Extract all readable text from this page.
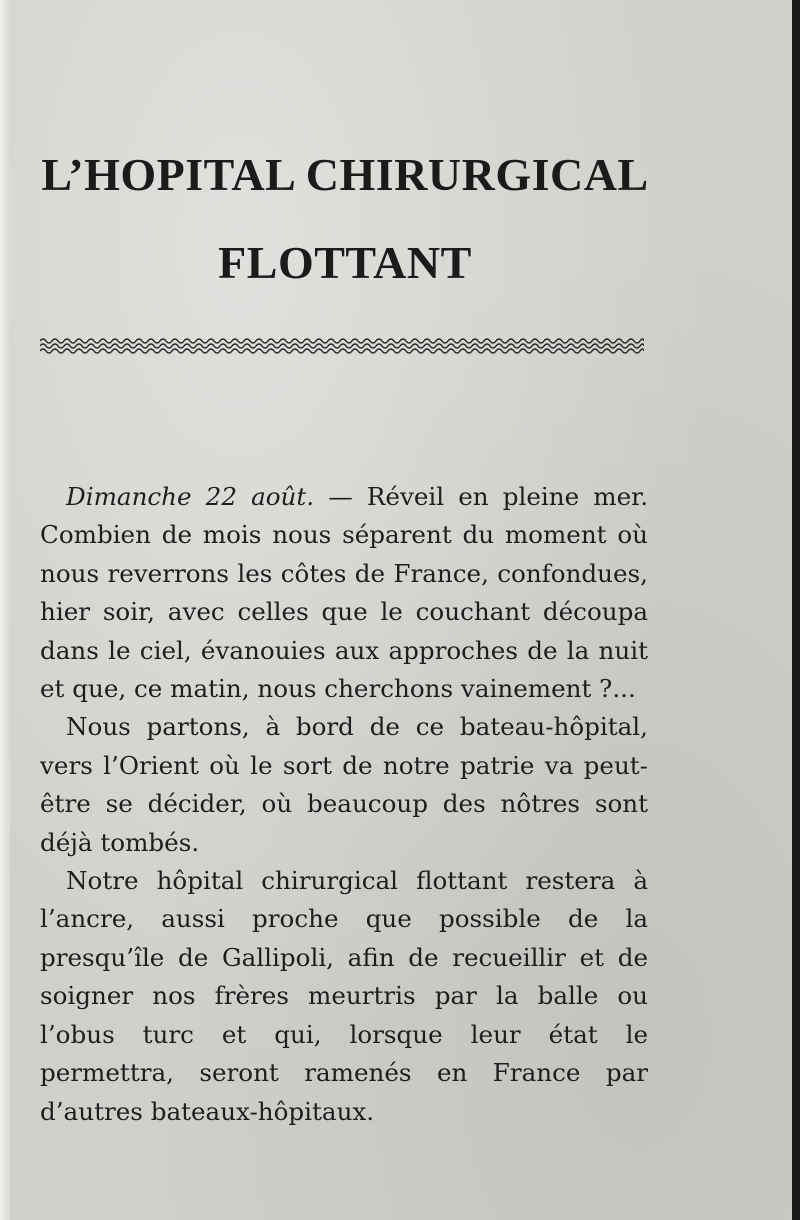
L’HOPITAL CHIRURGICAL
FLOTTANT

Dimanche 22 août. — Réveil en pleine mer. Combien de mois nous séparent du moment où nous reverrons les côtes de France, confondues, hier soir, avec celles que le couchant découpa dans le ciel, évanouies aux approches de la nuit et que, ce matin, nous cherchons vainement ?...

Nous partons, à bord de ce bateau-hôpital, vers l’Orient où le sort de notre patrie va peut-être se décider, où beaucoup des nôtres sont déjà tombés.

Notre hôpital chirurgical flottant restera à l’ancre, aussi proche que possible de la presqu’île de Gallipoli, afin de recueillir et de soigner nos frères meurtris par la balle ou l’obus turc et qui, lorsque leur état le permettra, seront ramenés en France par d’autres bateaux-hôpitaux.
